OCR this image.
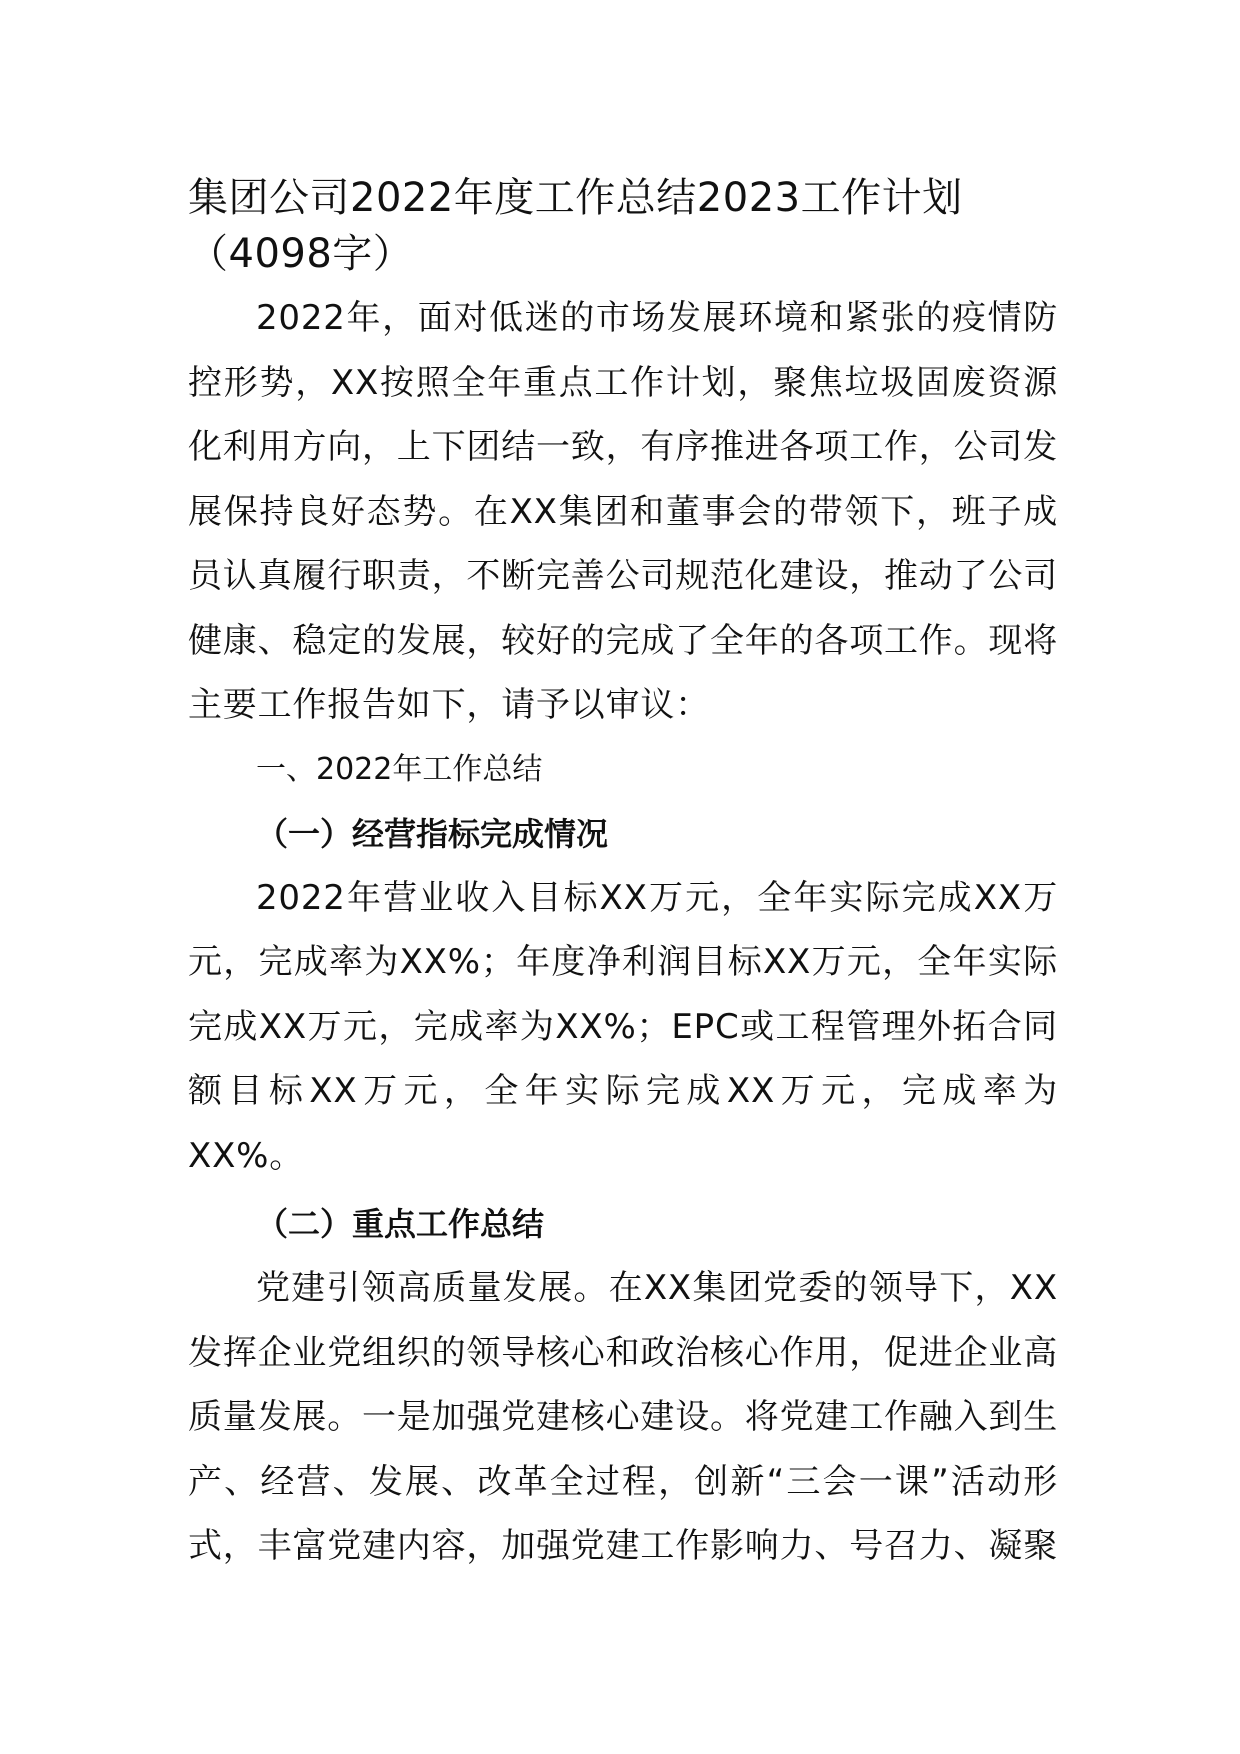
集团公司2022年度工作总结2023工作计划（4098字）

2022年，面对低迷的市场发展环境和紧张的疫情防控形势，XX按照全年重点工作计划，聚焦垃圾固废资源化利用方向，上下团结一致，有序推进各项工作，公司发展保持良好态势。在XX集团和董事会的带领下，班子成员认真履行职责，不断完善公司规范化建设，推动了公司健康、稳定的发展，较好的完成了全年的各项工作。现将主要工作报告如下，请予以审议：

一、2022年工作总结

（一）经营指标完成情况

2022年营业收入目标XX万元，全年实际完成XX万元，完成率为XX%；年度净利润目标XX万元，全年实际完成XX万元，完成率为XX%；EPC或工程管理外拓合同额目标XX万元，全年实际完成XX万元，完成率为XX%。

（二）重点工作总结

党建引领高质量发展。在XX集团党委的领导下，XX发挥企业党组织的领导核心和政治核心作用，促进企业高质量发展。一是加强党建核心建设。将党建工作融入到生产、经营、发展、改革全过程，创新“三会一课”活动形式，丰富党建内容，加强党建工作影响力、号召力、凝聚
